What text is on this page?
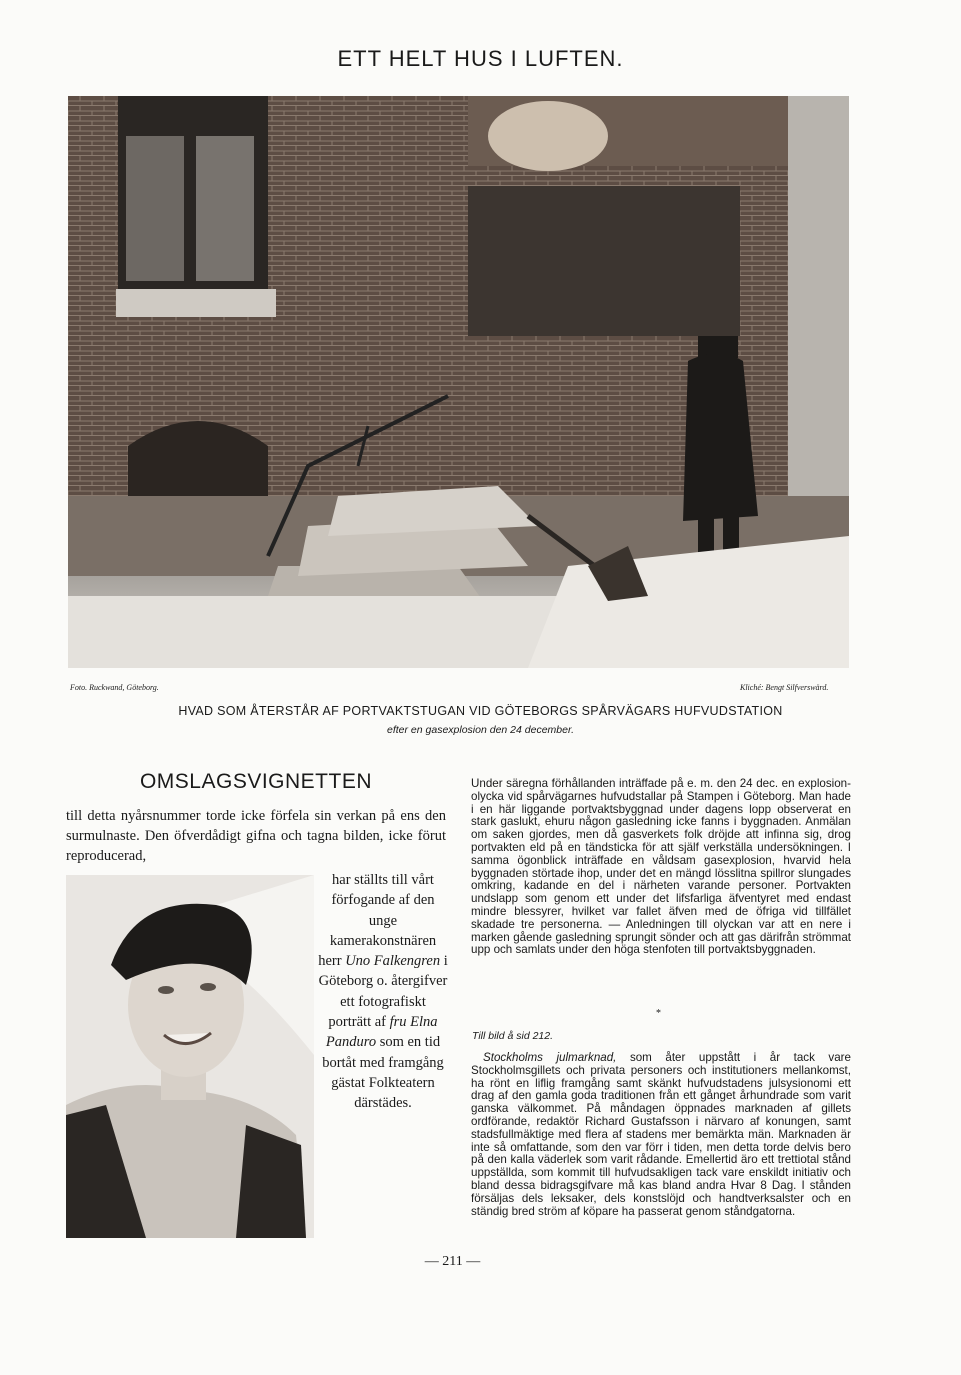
ETT HELT HUS I LUFTEN.
Foto. Ruckwand, Göteborg.	Kliché: Bengt Silfverswärd.
HVAD SOM ÅTERSTÅR AF PORTVAKTSTUGAN VID GÖTEBORGS SPÅRVÄGARS HUFVUDSTATION
efter en gasexplosion den 24 december.
OMSLAGSVIGNETTEN
till detta nyårsnummer torde icke förfela sin verkan på ens den surmulnaste. Den öfverdådigt gifna och tagna bilden, icke förut reproducerad,
har ställts till vårt förfogande af den unge kamerakonstnären herr Uno Falkengren i Göteborg o. återgifver ett fotografiskt porträtt af fru Elna Panduro som en tid bortåt med framgång gästat Folkteatern därstädes.
Under säregna förhållanden inträffade på e. m. den 24 dec. en explosion-olycka vid spårvägarnes hufvudstallar på Stampen i Göteborg. Man hade i en här liggande portvaktsbyggnad under dagens lopp observerat en stark gaslukt, ehuru någon gasledning icke fanns i byggnaden. Anmälan om saken gjordes, men då gasverkets folk dröjde att infinna sig, drog portvakten eld på en tändsticka för att själf verkställa undersökningen. I samma ögonblick inträffade en våldsam gasexplosion, hvarvid hela byggnaden störtade ihop, under det en mängd lösslitna spillror slungades omkring, kadande en del i närheten varande personer. Portvakten undslapp som genom ett under det lifsfarliga äfventyret med endast mindre blessyrer, hvilket var fallet äfven med de öfriga vid tillfället skadade tre personerna. — Anledningen till olyckan var att en nere i marken gående gasledning sprungit sönder och att gas därifrån strömmat upp och samlats under den höga stenfoten till portvaktsbyggnaden.
*
Till bild å sid 212.
Stockholms julmarknad, som åter uppstått i år tack vare Stockholmsgillets och privata personers och institutioners mellankomst, ha rönt en liflig framgång samt skänkt hufvudstadens julsysionomi ett drag af den gamla goda traditionen från ett gånget århundrade som varit ganska välkommet. På måndagen öppnades marknaden af gillets ordförande, redaktör Richard Gustafsson i närvaro af konungen, samt stadsfullmäktige med flera af stadens mer bemärkta män. Marknaden är inte så omfattande, som den var förr i tiden, men detta torde delvis bero på den kalla väderlek som varit rådande. Emellertid äro ett trettiotal stånd uppställda, som kommit till hufvudsakligen tack vare enskildt initiativ och bland dessa bidragsgifvare må kas bland andra Hvar 8 Dag. I stånden försäljas dels leksaker, dels konstslöjd och handtverksalster och en ständig bred ström af köpare ha passerat genom ståndgatorna.
— 211 —
